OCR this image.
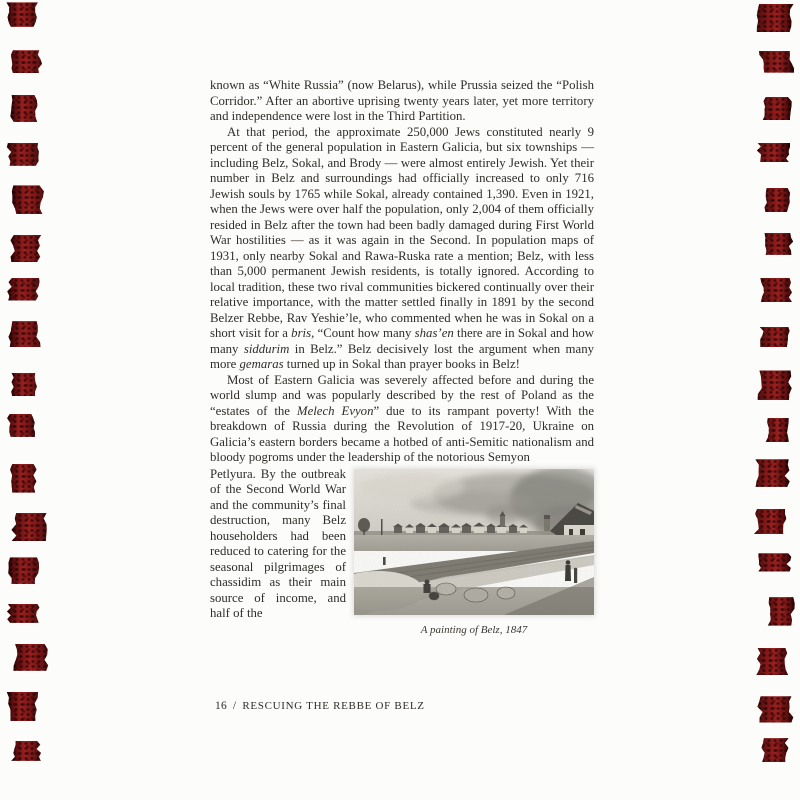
known as “White Russia” (now Belarus), while Prussia seized the “Polish Corridor.” After an abortive uprising twenty years later, yet more territory and independence were lost in the Third Partition.

At that period, the approximate 250,000 Jews constituted nearly 9 percent of the general population in Eastern Galicia, but six townships — including Belz, Sokal, and Brody — were almost entirely Jewish. Yet their number in Belz and surroundings had officially increased to only 716 Jewish souls by 1765 while Sokal, already contained 1,390. Even in 1921, when the Jews were over half the population, only 2,004 of them officially resided in Belz after the town had been badly damaged during First World War hostilities — as it was again in the Second. In population maps of 1931, only nearby Sokal and Rawa-Ruska rate a mention; Belz, with less than 5,000 permanent Jewish residents, is totally ignored. According to local tradition, these two rival communities bickered continually over their relative importance, with the matter settled finally in 1891 by the second Belzer Rebbe, Rav Yeshie’le, who commented when he was in Sokal on a short visit for a bris, “Count how many shas’en there are in Sokal and how many siddurim in Belz.” Belz decisively lost the argument when many more gemaras turned up in Sokal than prayer books in Belz!

Most of Eastern Galicia was severely affected before and during the world slump and was popularly described by the rest of Poland as the “estates of the Melech Evyon” due to its rampant poverty! With the breakdown of Russia during the Revolution of 1917-20, Ukraine on Galicia’s eastern borders became a hotbed of anti-Semitic nationalism and bloody pogroms under the leadership of the notorious Semyon

Petlyura. By the outbreak of the Second World War and the community’s final destruction, many Belz householders had been reduced to catering for the seasonal pilgrimages of chassidim as their main source of income, and half of the

A painting of Belz, 1847
16 / RESCUING THE REBBE OF BELZ
